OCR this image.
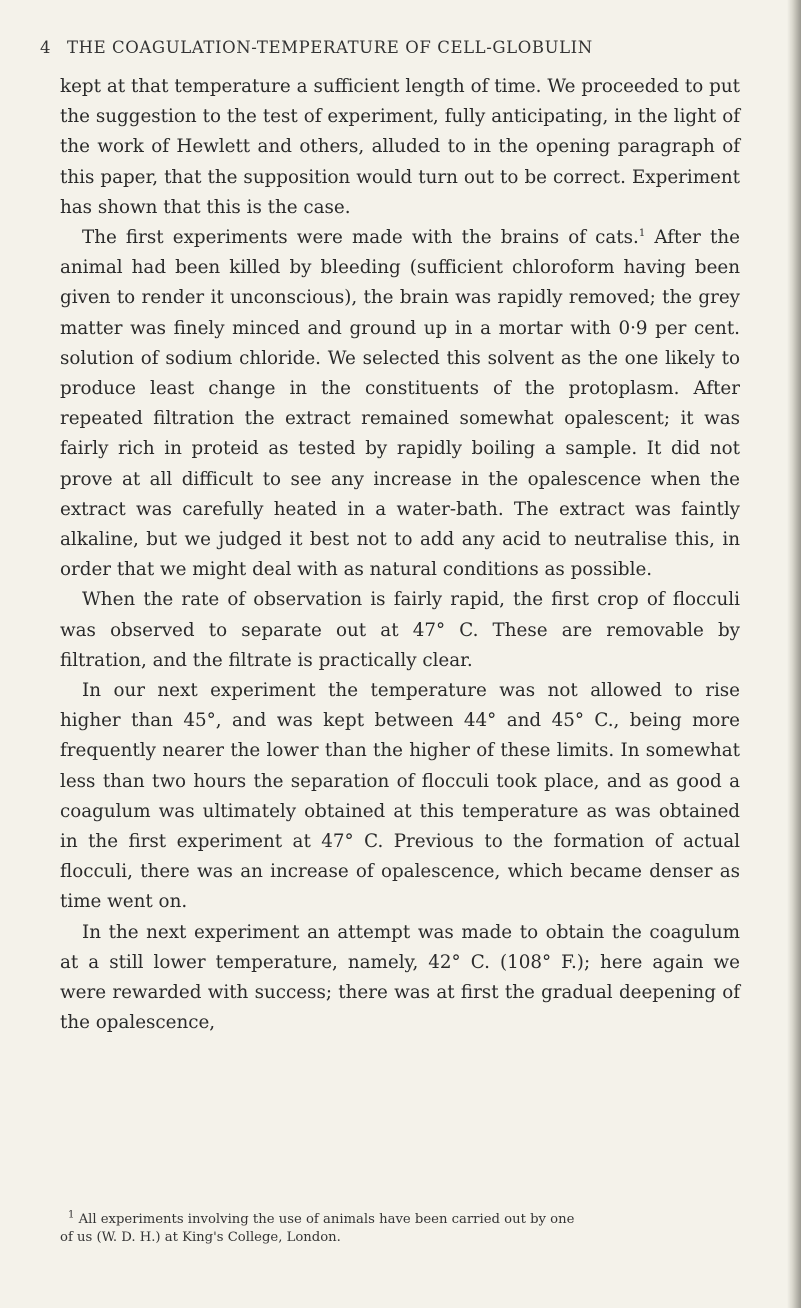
4 THE COAGULATION-TEMPERATURE OF CELL-GLOBULIN

kept at that temperature a sufficient length of time. We proceeded to put the suggestion to the test of experiment, fully anticipating, in the light of the work of Hewlett and others, alluded to in the opening paragraph of this paper, that the supposition would turn out to be correct. Experiment has shown that this is the case.

The first experiments were made with the brains of cats.$^1$ After the animal had been killed by bleeding (sufficient chloroform having been given to render it unconscious), the brain was rapidly removed; the grey matter was finely minced and ground up in a mortar with 0·9 per cent. solution of sodium chloride. We selected this solvent as the one likely to produce least change in the constituents of the protoplasm. After repeated filtration the extract remained somewhat opalescent; it was fairly rich in proteid as tested by rapidly boiling a sample. It did not prove at all difficult to see any increase in the opalescence when the extract was carefully heated in a water-bath. The extract was faintly alkaline, but we judged it best not to add any acid to neutralise this, in order that we might deal with as natural conditions as possible.

When the rate of observation is fairly rapid, the first crop of flocculi was observed to separate out at 47° C. These are removable by filtration, and the filtrate is practically clear.

In our next experiment the temperature was not allowed to rise higher than 45°, and was kept between 44° and 45° C., being more frequently nearer the lower than the higher of these limits. In somewhat less than two hours the separation of flocculi took place, and as good a coagulum was ultimately obtained at this temperature as was obtained in the first experiment at 47° C. Previous to the formation of actual flocculi, there was an increase of opalescence, which became denser as time went on.

In the next experiment an attempt was made to obtain the coagulum at a still lower temperature, namely, 42° C. (108° F.); here again we were rewarded with success; there was at first the gradual deepening of the opalescence,

$^1$ All experiments involving the use of animals have been carried out by one

of us (W. D. H.) at King's College, London.
